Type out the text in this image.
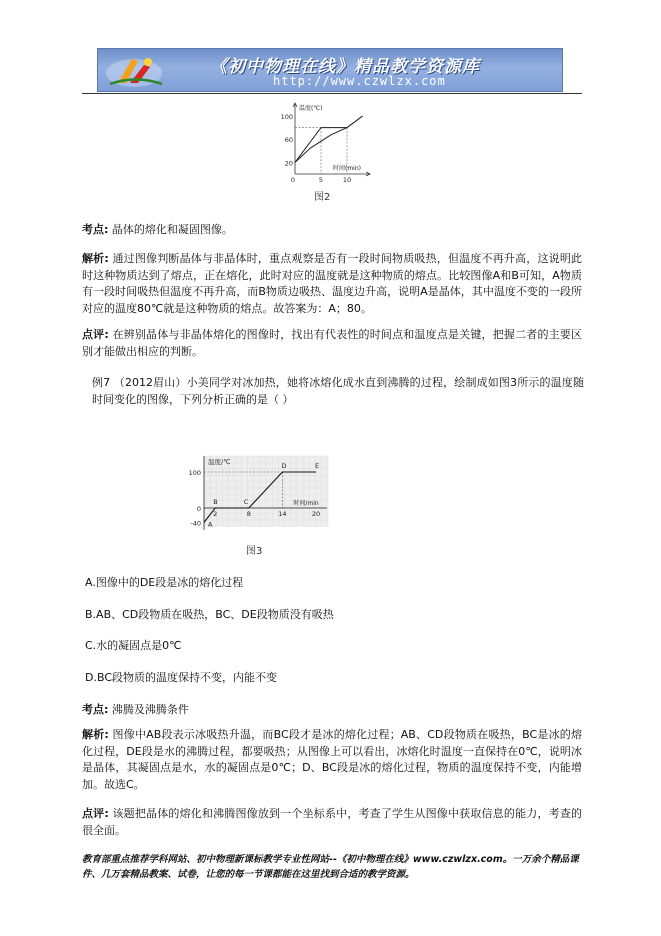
《初中物理在线》精品教学资源库
http://www.czwlzx.com
100
60
20
0	5	10
温度(℃)
时间(min)
图2
考点: 晶体的熔化和凝固图像。
解析: 通过图像判断晶体与非晶体时，重点观察是否有一段时间物质吸热，但温度不再升高，这说明此时这种物质达到了熔点，正在熔化，此时对应的温度就是这种物质的熔点。比较图像A和B可知，A物质有一段时间吸热但温度不再升高，而B物质边吸热、温度边升高，说明A是晶体，其中温度不变的一段所对应的温度80℃就是这种物质的熔点。故答案为：A；80。
点评: 在辨别晶体与非晶体熔化的图像时，找出有代表性的时间点和温度点是关键，把握二者的主要区别才能做出相应的判断。
例7 （2012眉山）小美同学对冰加热，她将冰熔化成水直到沸腾的过程，绘制成如图3所示的温度随时间变化的图像，下列分析正确的是（ ）
100
0
-40
2	8	14	20
温度/℃
时间/min
A
B	C
D	E
图3
A.图像中的DE段是冰的熔化过程
B.AB、CD段物质在吸热，BC、DE段物质没有吸热
C.水的凝固点是0℃
D.BC段物质的温度保持不变，内能不变
考点: 沸腾及沸腾条件
解析: 图像中AB段表示冰吸热升温，而BC段才是冰的熔化过程；AB、CD段物质在吸热，BC是冰的熔化过程，DE段是水的沸腾过程，都要吸热；从图像上可以看出，冰熔化时温度一直保持在0℃，说明冰是晶体，其凝固点是水，水的凝固点是0℃；D、BC段是冰的熔化过程，物质的温度保持不变，内能增加。故选C。
点评: 该题把晶体的熔化和沸腾图像放到一个坐标系中，考查了学生从图像中获取信息的能力，考查的很全面。
教育部重点推荐学科网站、初中物理新课标教学专业性网站--《初中物理在线》www.czwlzx.com。一万余个精品课件、几万套精品教案、试卷，让您的每一节课都能在这里找到合适的教学资源。
